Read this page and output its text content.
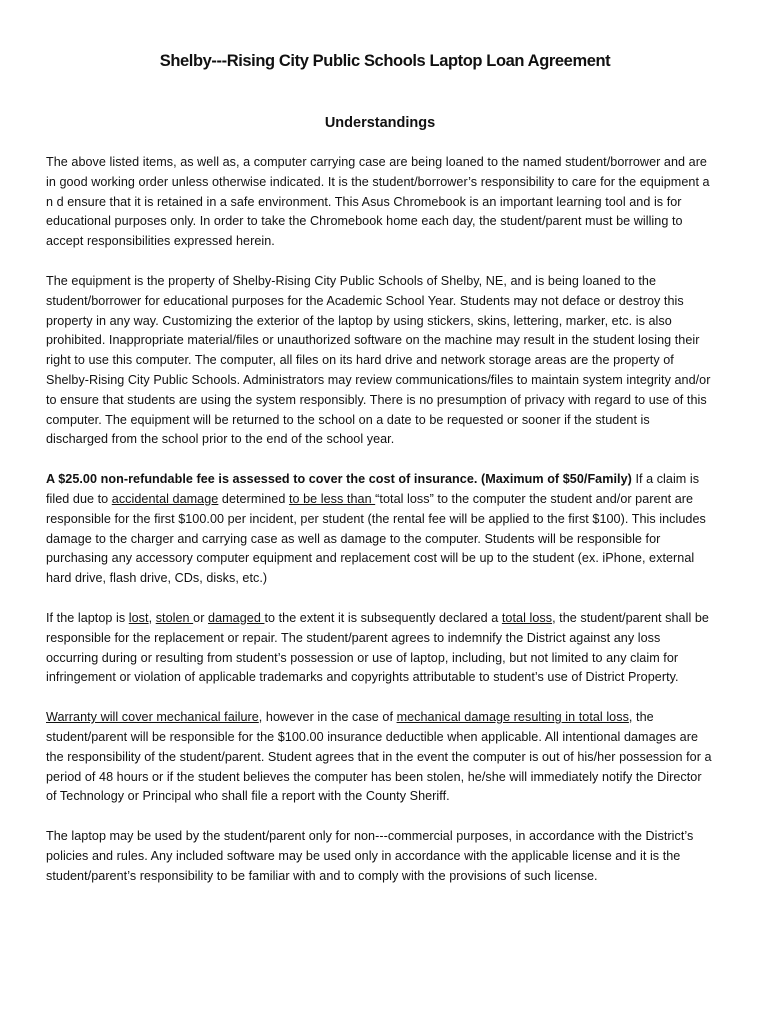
Shelby---Rising City Public Schools Laptop Loan Agreement
Understandings

The above listed items, as well as, a computer carrying case are being loaned to the named student/borrower and are in good working order unless otherwise indicated. It is the student/borrower’s responsibility to care for the equipment a n d ensure that it is retained in a safe environment. This Asus Chromebook is an important learning tool and is for educational purposes only. In order to take the Chromebook home each day, the student/parent must be willing to accept responsibilities expressed herein.

The equipment is the property of Shelby-Rising City Public Schools of Shelby, NE, and is being loaned to the student/borrower for educational purposes for the Academic School Year. Students may not deface or destroy this property in any way. Customizing the exterior of the laptop by using stickers, skins, lettering, marker, etc. is also prohibited. Inappropriate material/files or unauthorized software on the machine may result in the student losing their right to use this computer. The computer, all files on its hard drive and network storage areas are the property of Shelby-Rising City Public Schools. Administrators may review communications/files to maintain system integrity and/or to ensure that students are using the system responsibly. There is no presumption of privacy with regard to use of this computer. The equipment will be returned to the school on a date to be requested or sooner if the student is discharged from the school prior to the end of the school year.

A $25.00 non-refundable fee is assessed to cover the cost of insurance. (Maximum of $50/Family) If a claim is filed due to accidental damage determined to be less than “total loss” to the computer the student and/or parent are responsible for the first $100.00 per incident, per student (the rental fee will be applied to the first $100). This includes damage to the charger and carrying case as well as damage to the computer. Students will be responsible for purchasing any accessory computer equipment and replacement cost will be up to the student (ex. iPhone, external hard drive, flash drive, CDs, disks, etc.)

If the laptop is lost, stolen or damaged to the extent it is subsequently declared a total loss, the student/parent shall be responsible for the replacement or repair. The student/parent agrees to indemnify the District against any loss occurring during or resulting from student’s possession or use of laptop, including, but not limited to any claim for infringement or violation of applicable trademarks and copyrights attributable to student’s use of District Property.

Warranty will cover mechanical failure, however in the case of mechanical damage resulting in total loss, the student/parent will be responsible for the $100.00 insurance deductible when applicable. All intentional damages are the responsibility of the student/parent. Student agrees that in the event the computer is out of his/her possession for a period of 48 hours or if the student believes the computer has been stolen, he/she will immediately notify the Director of Technology or Principal who shall file a report with the County Sheriff.

The laptop may be used by the student/parent only for non---commercial purposes, in accordance with the District’s policies and rules. Any included software may be used only in accordance with the applicable license and it is the student/parent’s responsibility to be familiar with and to comply with the provisions of such license.
